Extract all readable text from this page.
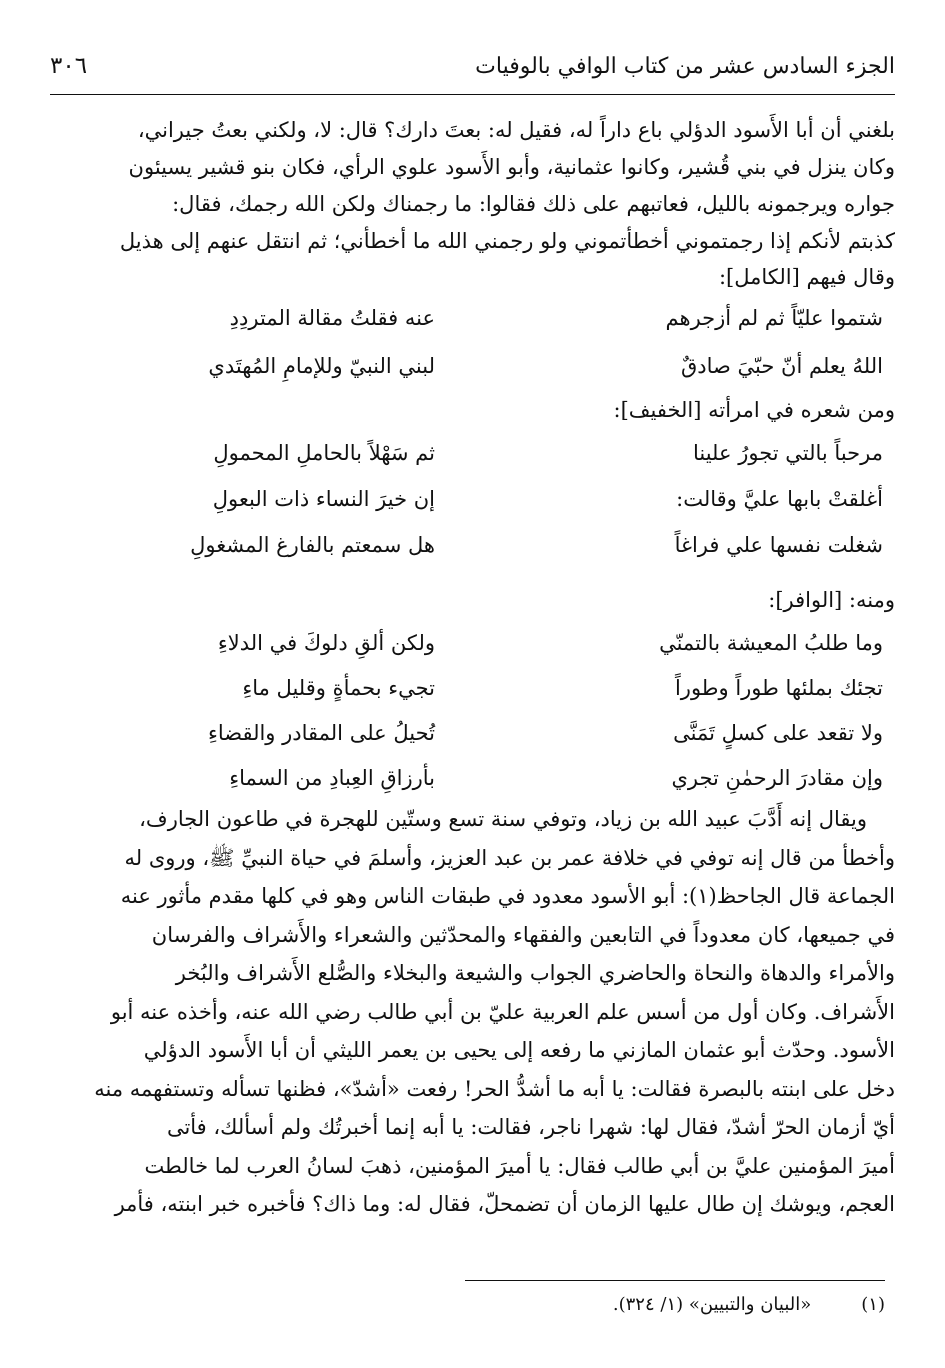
٣٠٦	الجزء السادس عشر من كتاب الوافي بالوفيات

بلغني أن أبا الأَسود الدؤلي باع داراً له، فقيل له: بعتَ دارك؟ قال: لا، ولكني بعتُ جيراني،

وكان ينزل في بني قُشير، وكانوا عثمانية، وأبو الأَسود علوي الرأي، فكان بنو قشير يسيئون

جواره ويرجمونه بالليل، فعاتبهم على ذلك فقالوا: ما رجمناك ولكن الله رجمك، فقال:

كذبتم لأنكم إذا رجمتموني أخطأتموني ولو رجمني الله ما أخطأني؛ ثم انتقل عنهم إلى هذيل

وقال فيهم [الكامل]:

شتموا عليّاً ثم لم أزجرهم
عنه فقلتُ مقالة المتردِدِ
اللهُ يعلم أنّ حبّيَ صادقٌ
لبني النبيّ وللإمامِ المُهتَدي

ومن شعره في امرأته [الخفيف]:

مرحباً بالتي تجورُ علينا
ثم سَهْلاً بالحاملِ المحمولِ
أغلقتْ بابها عليَّ وقالت:
إن خيرَ النساء ذات البعولِ
شغلت نفسها علي فراغاً
هل سمعتم بالفارغ المشغولِ

ومنه: [الوافر]:

وما طلبُ المعيشة بالتمنّي
ولكن ألقِ دلوكَ في الدلاءِ
تجئك بملئها طوراً وطوراً
تجيء بحمأةٍ وقليل ماءِ
ولا تقعد على كسلٍ تَمَنَّى
تُحيلُ على المقادر والقضاءِ
وإن مقادرَ الرحمٰنِ تجري
بأرزاقِ العِبادِ من السماءِ

ويقال إنه أَدَّبَ عبيد الله بن زياد، وتوفي سنة تسع وستّين للهجرة في طاعون الجارف،

وأخطأ من قال إنه توفي في خلافة عمر بن عبد العزيز، وأسلمَ في حياة النبيِّ ﷺ، وروى له

الجماعة قال الجاحظ(١): أبو الأسود معدود في طبقات الناس وهو في كلها مقدم مأثور عنه

في جميعها، كان معدوداً في التابعين والفقهاء والمحدّثين والشعراء والأَشراف والفرسان

والأمراء والدهاة والنحاة والحاضري الجواب والشيعة والبخلاء والصُّلع الأَشراف والبُخر

الأَشراف. وكان أول من أسس علم العربية عليّ بن أبي طالب رضي الله عنه، وأخذه عنه أبو

الأسود. وحدّث أبو عثمان المازني ما رفعه إلى يحيى بن يعمر الليثي أن أبا الأَسود الدؤلي

دخل على ابنته بالبصرة فقالت: يا أبه ما أشدُّ الحر! رفعت «أشدّ»، فظنها تسأله وتستفهمه منه

أيّ أزمان الحرّ أشدّ، فقال لها: شهرا ناجر، فقالت: يا أبه إنما أخبرتُك ولم أسألك، فأتى

أميرَ المؤمنين عليَّ بن أبي طالب فقال: يا أميرَ المؤمنين، ذهبَ لسانُ العرب لما خالطت

العجم، ويوشك إن طال عليها الزمان أن تضمحلّ، فقال له: وما ذاك؟ فأخبره خبر ابنته، فأمر

(١)
«البيان والتبيين» (١/ ٣٢٤).
